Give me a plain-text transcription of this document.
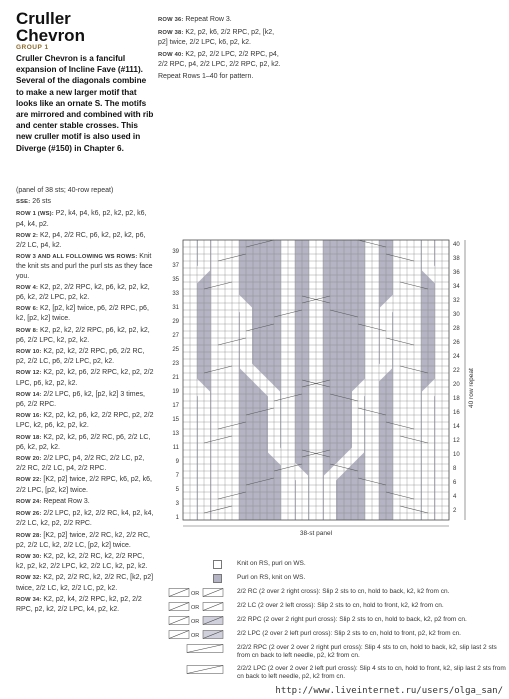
Cruller
Chevron
GROUP 1
Cruller Chevron is a fanciful expansion of Incline Fave (#111). Several of the diagonals combine to make a new larger motif that looks like an ornate S. The motifs are mirrored and combined with rib and center stable crosses. This new cruller motif is also used in Diverge (#150) in Chapter 6.

(panel of 38 sts; 40-row repeat)

SSE: 26 sts

ROW 1 (WS): P2, k4, p4, k6, p2, k2, p2, k6, p4, k4, p2.

ROW 2: K2, p4, 2/2 RC, p6, k2, p2, k2, p6, 2/2 LC, p4, k2.

ROW 3 AND ALL FOLLOWING WS ROWS: Knit the knit sts and purl the purl sts as they face you.

ROW 4: K2, p2, 2/2 RPC, k2, p6, k2, p2, k2, p6, k2, 2/2 LPC, p2, k2.

ROW 6: K2, [p2, k2] twice, p6, 2/2 RPC, p6, k2, [p2, k2] twice.

ROW 8: K2, p2, k2, 2/2 RPC, p6, k2, p2, k2, p6, 2/2 LPC, k2, p2, k2.

ROW 10: K2, p2, k2, 2/2 RPC, p6, 2/2 RC, p2, 2/2 LC, p6, 2/2 LPC, p2, k2.

ROW 12: K2, p2, k2, p6, 2/2 RPC, k2, p2, 2/2 LPC, p6, k2, p2, k2.

ROW 14: 2/2 LPC, p6, k2, [p2, k2] 3 times, p6, 2/2 RPC.

ROW 16: K2, p2, k2, p6, k2, 2/2 RPC, p2, 2/2 LPC, k2, p6, k2, p2, k2.

ROW 18: K2, p2, k2, p6, 2/2 RC, p6, 2/2 LC, p6, k2, p2, k2.

ROW 20: 2/2 LPC, p4, 2/2 RC, 2/2 LC, p2, 2/2 RC, 2/2 LC, p4, 2/2 RPC.

ROW 22: [K2, p2] twice, 2/2 RPC, k6, p2, k6, 2/2 LPC, [p2, k2] twice.

ROW 24: Repeat Row 3.

ROW 26: 2/2 LPC, p2, k2, 2/2 RC, k4, p2, k4, 2/2 LC, k2, p2, 2/2 RPC.

ROW 28: [K2, p2] twice, 2/2 RC, k2, 2/2 RC, p2, 2/2 LC, k2, 2/2 LC, [p2, k2] twice.

ROW 30: K2, p2, k2, 2/2 RC, k2, 2/2 RPC, k2, p2, k2, 2/2 LPC, k2, 2/2 LC, k2, p2, k2.

ROW 32: K2, p2, 2/2 RC, k2, 2/2 RC, [k2, p2] twice, 2/2 LC, k2, 2/2 LC, p2, k2.

ROW 34: K2, p2, k4, 2/2 RPC, k2, p2, 2/2 RPC, p2, k2, 2/2 LPC, k4, p2, k2.

ROW 36: Repeat Row 3.

ROW 38: K2, p2, k6, 2/2 RPC, p2, [k2, p2] twice, 2/2 LPC, k6, p2, k2.

ROW 40: K2, p2, 2/2 LPC, 2/2 RPC, p4, 2/2 RPC, p4, 2/2 LPC, 2/2 RPC, p2, k2.

Repeat Rows 1–40 for pattern.

39
37
35
33
31
29
27
25
23
21
19
17
15
13
11
9
7
5
3
1
40
38
36
34
32
30
28
26
24
22
20
18
16
14
12
10
8
6
4
2
40 row repeat
38-st panel
Knit on RS, purl on WS.
Purl on RS, knit on WS.
OR	2/2 RC (2 over 2 right cross): Slip 2 sts to cn, hold to back, k2, k2 from cn.
OR	2/2 LC (2 over 2 left cross): Slip 2 sts to cn, hold to front, k2, k2 from cn.
OR	2/2 RPC (2 over 2 right purl cross): Slip 2 sts to cn, hold to back, k2, p2 from cn.
OR	2/2 LPC (2 over 2 left purl cross): Slip 2 sts to cn, hold to front, p2, k2 from cn.
2/2/2 RPC (2 over 2 over 2 right purl cross): Slip 4 sts to cn, hold to back, k2, slip last 2 sts from cn back to left needle, p2, k2 from cn.
2/2/2 LPC (2 over 2 over 2 left purl cross): Slip 4 sts to cn, hold to front, k2, slip last 2 sts from cn back to left needle, p2, k2 from cn.
http://www.liveinternet.ru/users/olga_san/
